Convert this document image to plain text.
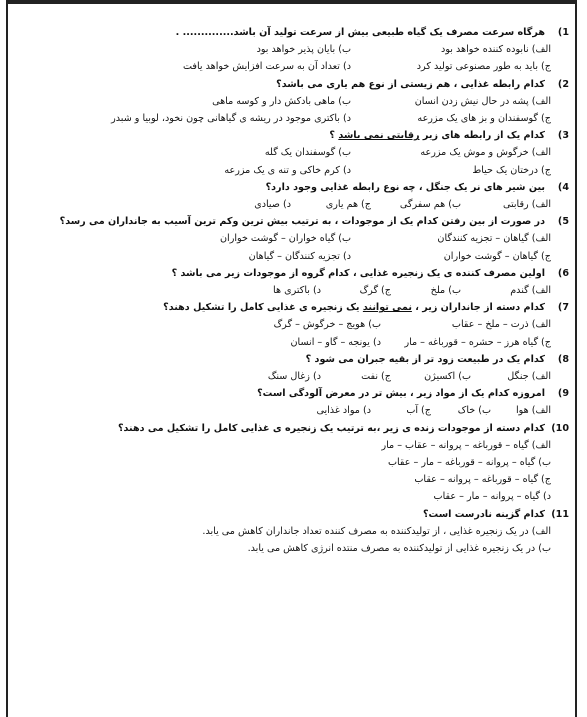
1)هرگاه سرعت مصرف یک گیاه طبیعی بیش از سرعت تولید آن باشد.............. .
الف) نابوده کننده خواهد بود
ب) بایان پذیر خواهد بود
ج) باید به طور مصنوعی تولید کرد
د) تعداد آن به سرعت افزایش خواهد یافت
2)کدام رابطه غذایی ، هم زیستی از نوع هم یاری می باشد؟
الف) پشه در حال نیش زدن انسان
ب) ماهی بادکش دار و کوسه ماهی
ج) گوسفندان و بز های یک مزرعه
د) باکتری موجود در ریشه ی گیاهانی چون نخود، لوبیا و شبدر
3)کدام یک از رابطه های زیر رقابتی نمی باشد ؟
الف) خرگوش و موش یک مزرعه
ب) گوسفندان یک گله
ج) درختان یک حیاط
د) کرم خاکی و تنه ی یک مزرعه
4)بین شیر های نر یک جنگل ، چه نوع رابطه غذایی وجود دارد؟
الف) رقابتی
ب) هم سفرگی
ج) هم یاری
د) صیادی
5)در صورت از بین رفتن کدام یک از موجودات ، به ترتیب بیش ترین وکم ترین آسیب به جانداران می رسد؟
الف) گیاهان – تجزیه کنندگان
ب) گیاه خواران – گوشت خواران
ج) گیاهان – گوشت خواران
د) تجزیه کنندگان – گیاهان
6)اولین مصرف کننده ی یک زنجیره غذایی ، کدام گروه از موجودات زیر می باشد ؟
الف) گندم
ب) ملخ
ج) گرگ
د) باکتری ها
7)کدام دسته از جانداران زیر ، نمی توانند یک زنجیره ی غذایی کامل را تشکیل دهند؟
الف) ذرت – ملخ – عقاب
ب) هویج – خرگوش – گرگ
ج) گیاه هرز – حشره – قورباغه – مار
د) یونجه – گاو – انسان
8)کدام یک در طبیعت زود تر از بقیه جبران می شود ؟
الف) جنگل
ب) اکسیژن
ج) نفت
د) زغال سنگ
9)امروزه کدام یک از مواد زیر ، بیش تر در معرض آلودگی است؟
الف) هوا
ب) خاک
ج) آب
د) مواد غذایی
10)کدام دسته از موجودات زنده ی زیر ،به ترتیب یک زنجیره ی غذایی کامل را تشکیل می دهند؟
الف) گیاه – قورباغه – پروانه – عقاب – مار
ب) گیاه – پروانه – قورباغه – مار – عقاب
ج) گیاه – قورباغه – پروانه – عقاب
د) گیاه – پروانه – مار – عقاب
11)کدام گزینه نادرست است؟
الف) در یک زنجیره غذایی ، از تولیدکننده به مصرف کننده تعداد جانداران کاهش می یابد.
ب) در یک زنجیره غذایی از تولیدکننده به مصرف منتده انرژی کاهش می یابد.
